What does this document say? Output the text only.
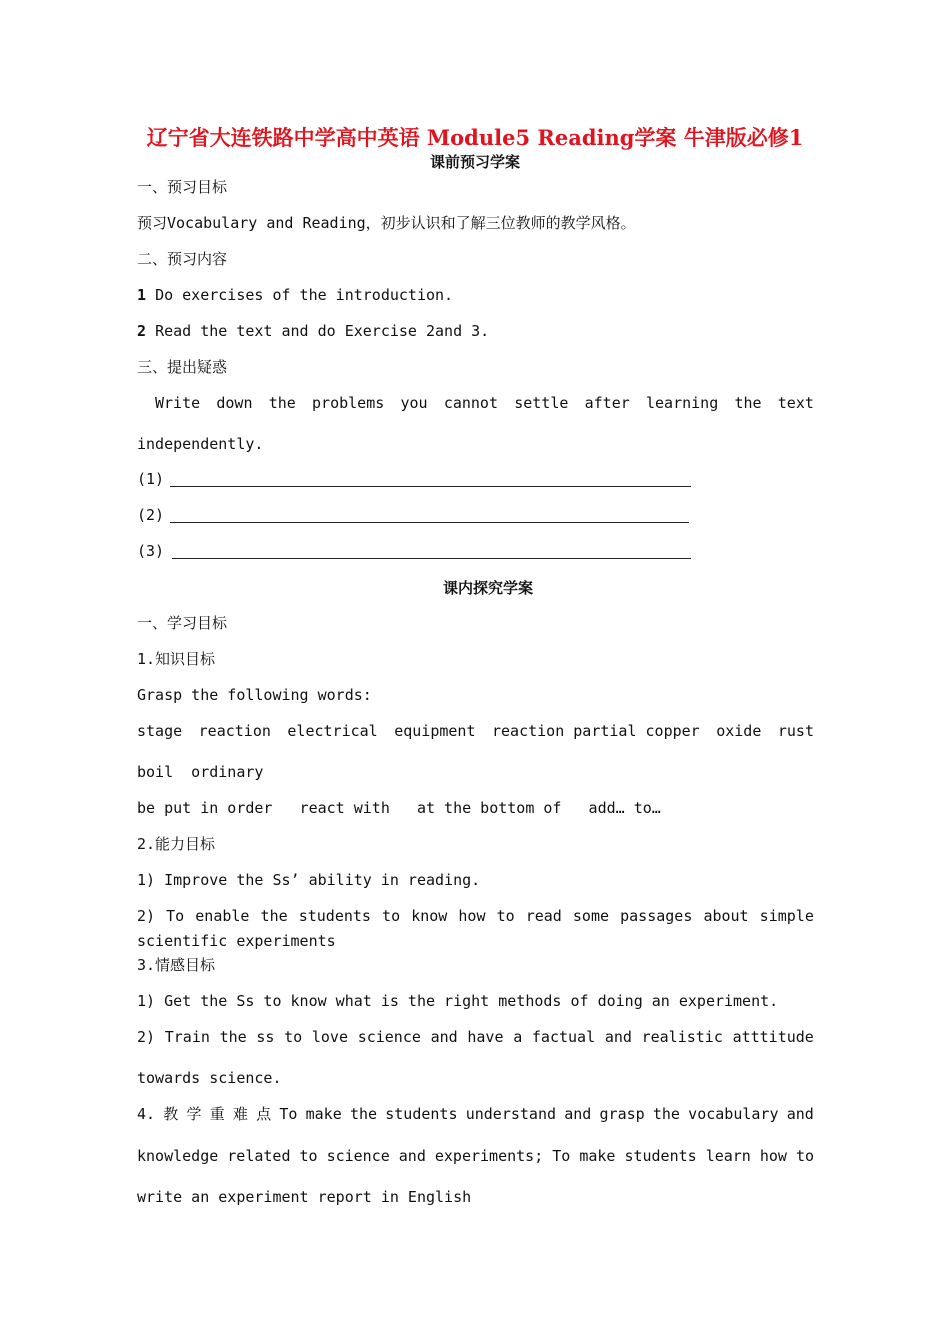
辽宁省大连铁路中学高中英语 Module5 Reading学案 牛津版必修1
课前预习学案
一、预习目标
预习Vocabulary and Reading，初步认识和了解三位教师的教学风格。
二、预习内容
1 Do exercises of the introduction.
2 Read the text and do Exercise 2and 3.
三、提出疑惑
Write down the problems you cannot settle after learning the text
independently.
(1)
(2)
(3)
课内探究学案
一、学习目标
1.知识目标
Grasp the following words:
stage reaction electrical equipment reaction partial copper oxide rust
boil  ordinary
be put in order   react with   at the bottom of   add… to…
2.能力目标
1) Improve the Ss’ ability in reading.
2) To enable the students to know how to read some passages about simple
scientific experiments
3.情感目标
1) Get the Ss to know what is the right methods of doing an experiment.
2) Train the ss to love science and have a factual and realistic atttitude
towards science.
4. 教 学 重 难 点 To make the students understand and grasp the vocabulary and
knowledge related to science and experiments; To make students learn how to
write an experiment report in English
